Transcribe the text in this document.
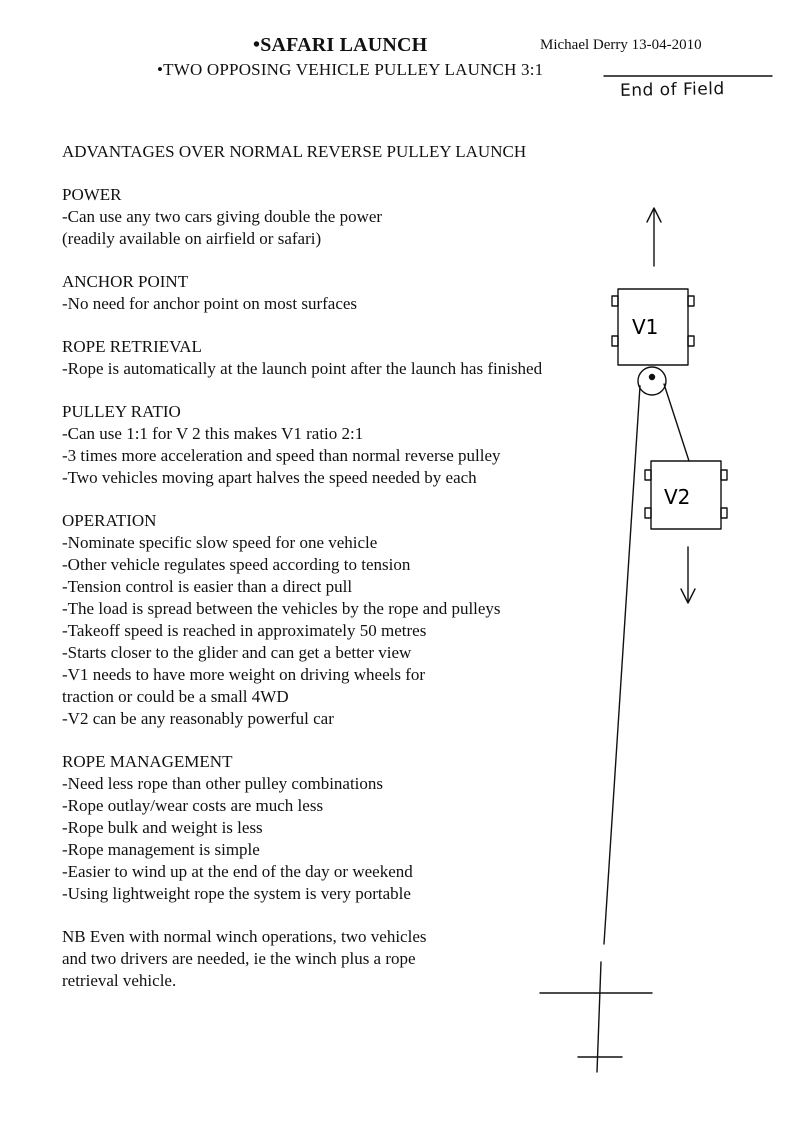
•SAFARI LAUNCH	Michael Derry 13-04-2010
•TWO OPPOSING VEHICLE PULLEY LAUNCH 3:1
End of Field
ADVANTAGES OVER NORMAL REVERSE PULLEY LAUNCH
POWER
-Can use any two cars giving double the power
(readily available on airfield or safari)
ANCHOR POINT
-No need for anchor point on most surfaces
ROPE RETRIEVAL
-Rope is automatically at the launch point after the launch has finished
PULLEY RATIO
-Can use 1:1 for V 2 this makes V1 ratio 2:1
-3 times more acceleration and speed than normal reverse pulley
-Two vehicles moving apart halves the speed needed by each
OPERATION
-Nominate specific slow speed for one vehicle
-Other vehicle regulates speed according to tension
-Tension control is easier than a direct pull
-The load is spread between the vehicles by the rope and pulleys
-Takeoff speed is reached in approximately 50 metres
-Starts closer to the glider and can get a better view
-V1 needs to have more weight on driving wheels for
traction or could be a small 4WD
-V2 can be any reasonably powerful car
ROPE MANAGEMENT
-Need less rope than other pulley combinations
-Rope outlay/wear costs are much less
-Rope bulk and weight is less
-Rope management is simple
-Easier to wind up at the end of the day or weekend
-Using lightweight rope the system is very portable
NB Even with normal winch operations, two vehicles
and two drivers are needed, ie the winch plus a rope
retrieval vehicle.
V1
V2
